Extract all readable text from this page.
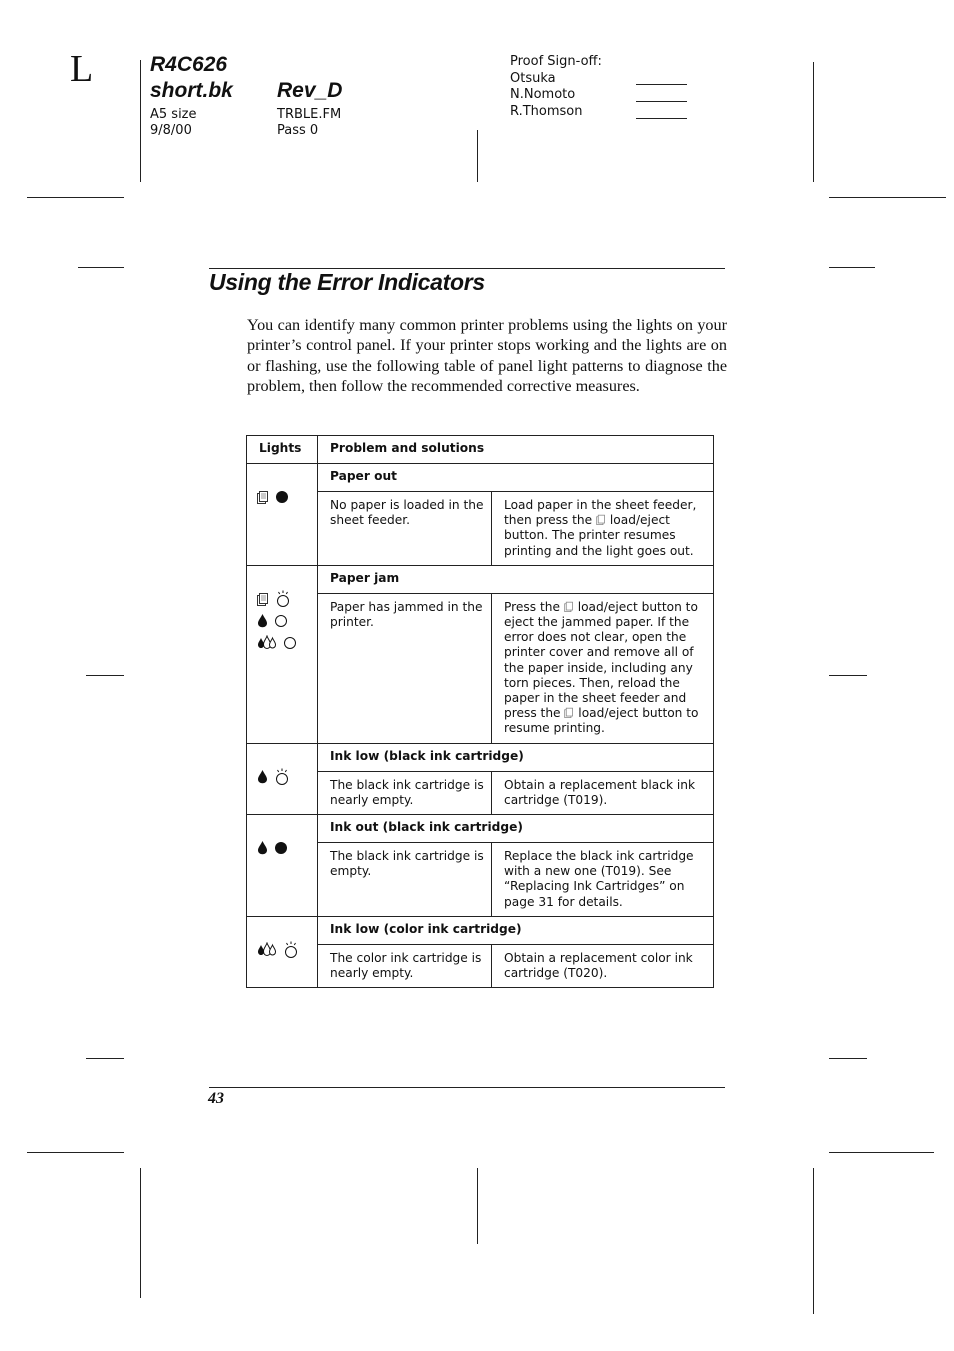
L	R4C626
short.bk Rev_D
A5 size
9/8/00
TRBLE.FM
Pass 0
Proof Sign-off:
Otsuka
N.Nomoto
R.Thomson
Using the Error Indicators
You can identify many common printer problems using the lights on your printer’s control panel. If your printer stops working and the lights are on or flashing, use the following table of panel light patterns to diagnose the problem, then follow the recommended corrective measures.
Lights	Problem and solutions	

	Paper out	
	No paper is loaded in the sheet feeder.	Load paper in the sheet feeder, then press the  load/eject button. The printer resumes printing and the light goes out.

	Paper jam	
	Paper has jammed in the printer.	Press the  load/eject button to eject the jammed paper. If the error does not clear, open the printer cover and remove all of the paper inside, including any torn pieces. Then, reload the paper in the sheet feeder and press the  load/eject button to resume printing.

	Ink low (black ink cartridge)	
	The black ink cartridge is nearly empty.	Obtain a replacement black ink cartridge (T019).

	Ink out (black ink cartridge)	
	The black ink cartridge is empty.	Replace the black ink cartridge with a new one (T019). See “Replacing Ink Cartridges” on page 31 for details.

	Ink low (color ink cartridge)	
	The color ink cartridge is nearly empty.	Obtain a replacement color ink cartridge (T020).
43
